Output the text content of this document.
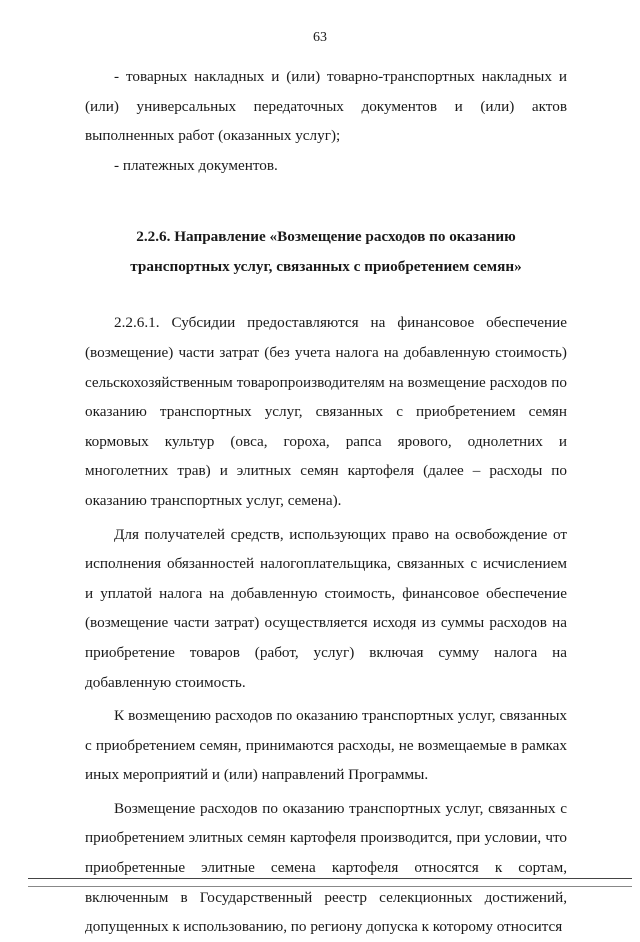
63

- товарных накладных и (или) товарно-транспортных накладных и

(или) универсальных передаточных документов и (или) актов

выполненных работ (оказанных услуг);

- платежных документов.

2.2.6. Направление «Возмещение расходов по оказанию
транспортных услуг, связанных с приобретением семян»

2.2.6.1. Субсидии предоставляются на финансовое обеспечение (возмещение) части затрат (без учета налога на добавленную стоимость) сельскохозяйственным товаропроизводителям на возмещение расходов по оказанию транспортных услуг, связанных с приобретением семян кормовых культур (овса, гороха, рапса ярового, однолетних и многолетних трав) и элитных семян картофеля (далее – расходы по оказанию транспортных услуг, семена).

Для получателей средств, использующих право на освобождение от исполнения обязанностей налогоплательщика, связанных с исчислением и уплатой налога на добавленную стоимость, финансовое обеспечение (возмещение части затрат) осуществляется исходя из суммы расходов на приобретение товаров (работ, услуг) включая сумму налога на добавленную стоимость.

К возмещению расходов по оказанию транспортных услуг, связанных с приобретением семян, принимаются расходы, не возмещаемые в рамках иных мероприятий и (или) направлений Программы.

Возмещение расходов по оказанию транспортных услуг, связанных с приобретением элитных семян картофеля производится, при условии, что приобретенные элитные семена картофеля относятся к сортам, включенным в Государственный реестр селекционных достижений, допущенных к использованию, по региону допуска к которому относится
